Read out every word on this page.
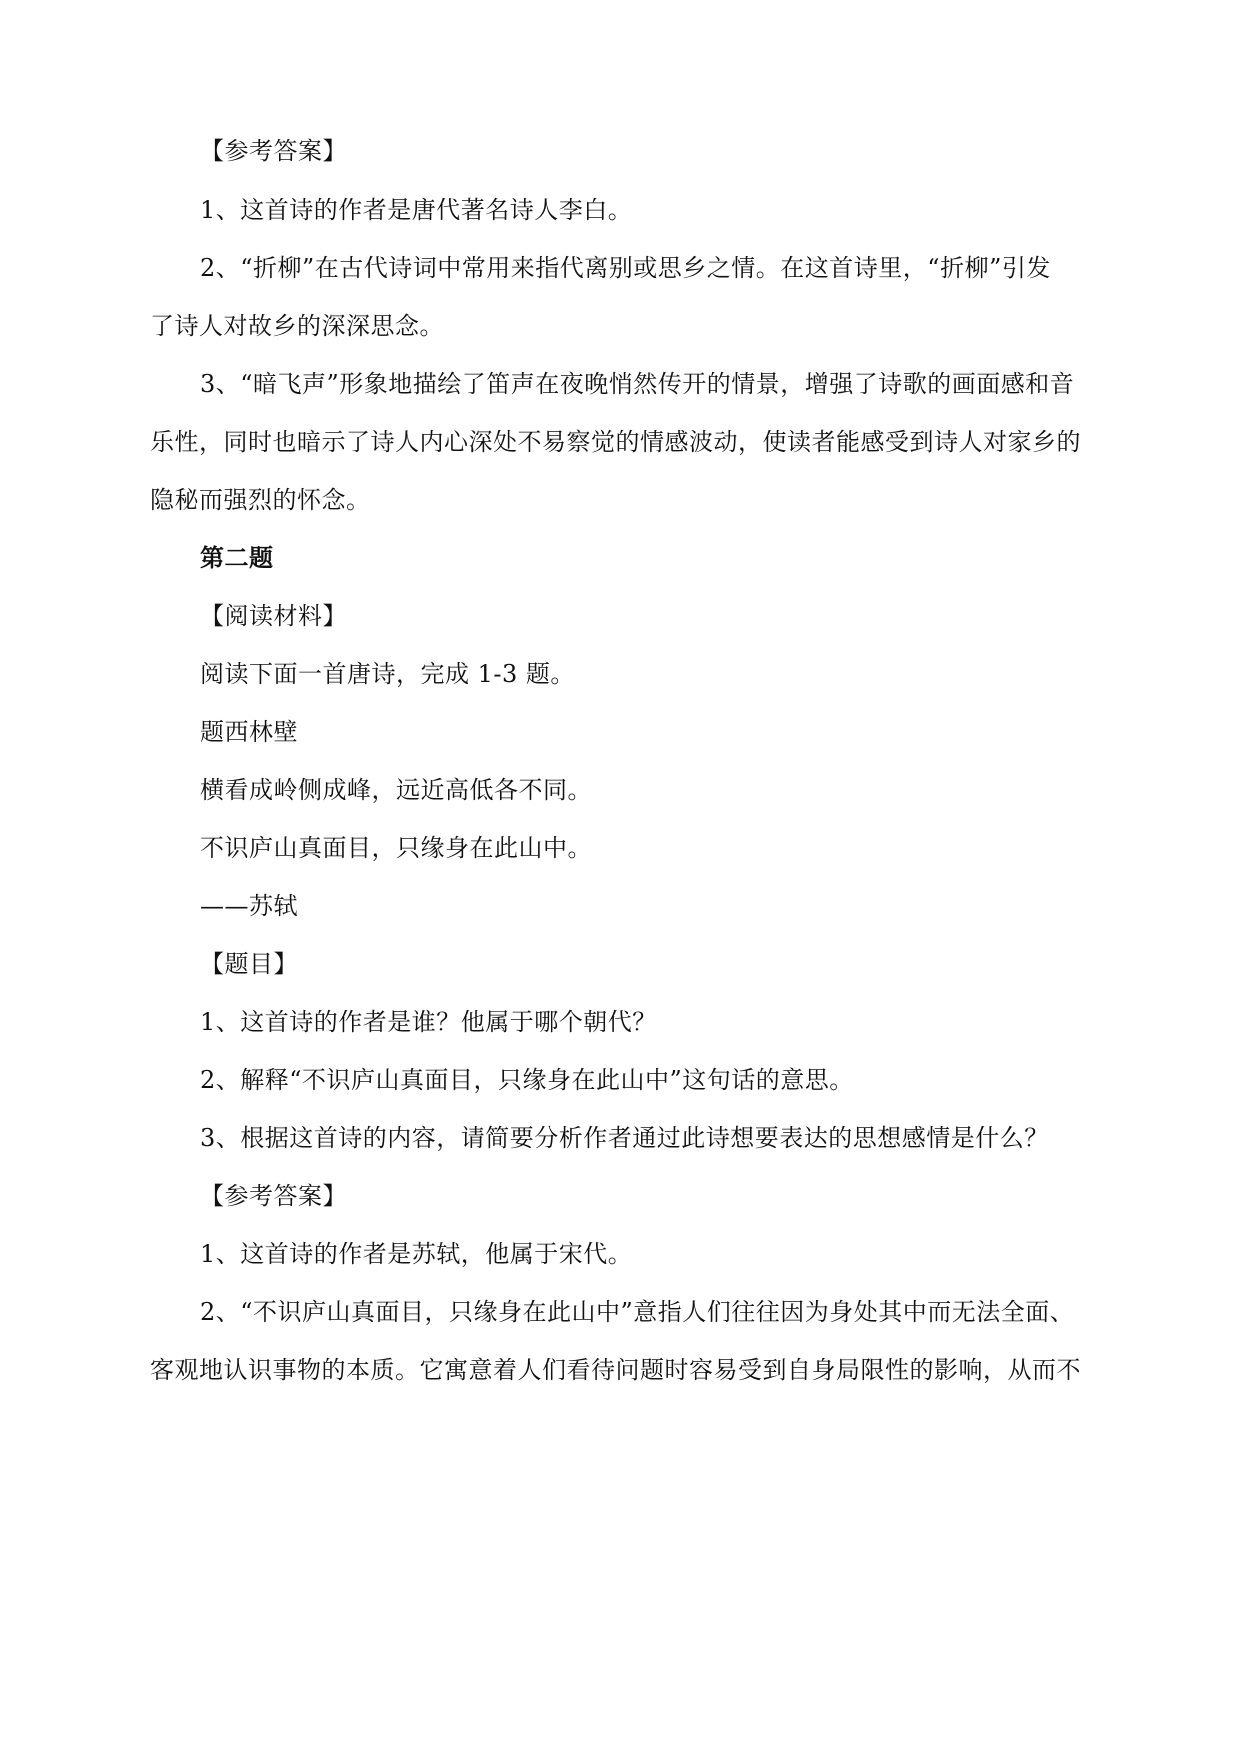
【参考答案】
1、这首诗的作者是唐代著名诗人李白。
2、“折柳”在古代诗词中常用来指代离别或思乡之情。在这首诗里，“折柳”引发
了诗人对故乡的深深思念。
3、“暗飞声”形象地描绘了笛声在夜晚悄然传开的情景，增强了诗歌的画面感和音
乐性，同时也暗示了诗人内心深处不易察觉的情感波动，使读者能感受到诗人对家乡的
隐秘而强烈的怀念。
第二题
【阅读材料】
阅读下面一首唐诗，完成 1-3 题。
题西林壁
横看成岭侧成峰，远近高低各不同。
不识庐山真面目，只缘身在此山中。
——苏轼
【题目】
1、这首诗的作者是谁？他属于哪个朝代？
2、解释“不识庐山真面目，只缘身在此山中”这句话的意思。
3、根据这首诗的内容，请简要分析作者通过此诗想要表达的思想感情是什么？
【参考答案】
1、这首诗的作者是苏轼，他属于宋代。
2、“不识庐山真面目，只缘身在此山中”意指人们往往因为身处其中而无法全面、
客观地认识事物的本质。它寓意着人们看待问题时容易受到自身局限性的影响，从而不
